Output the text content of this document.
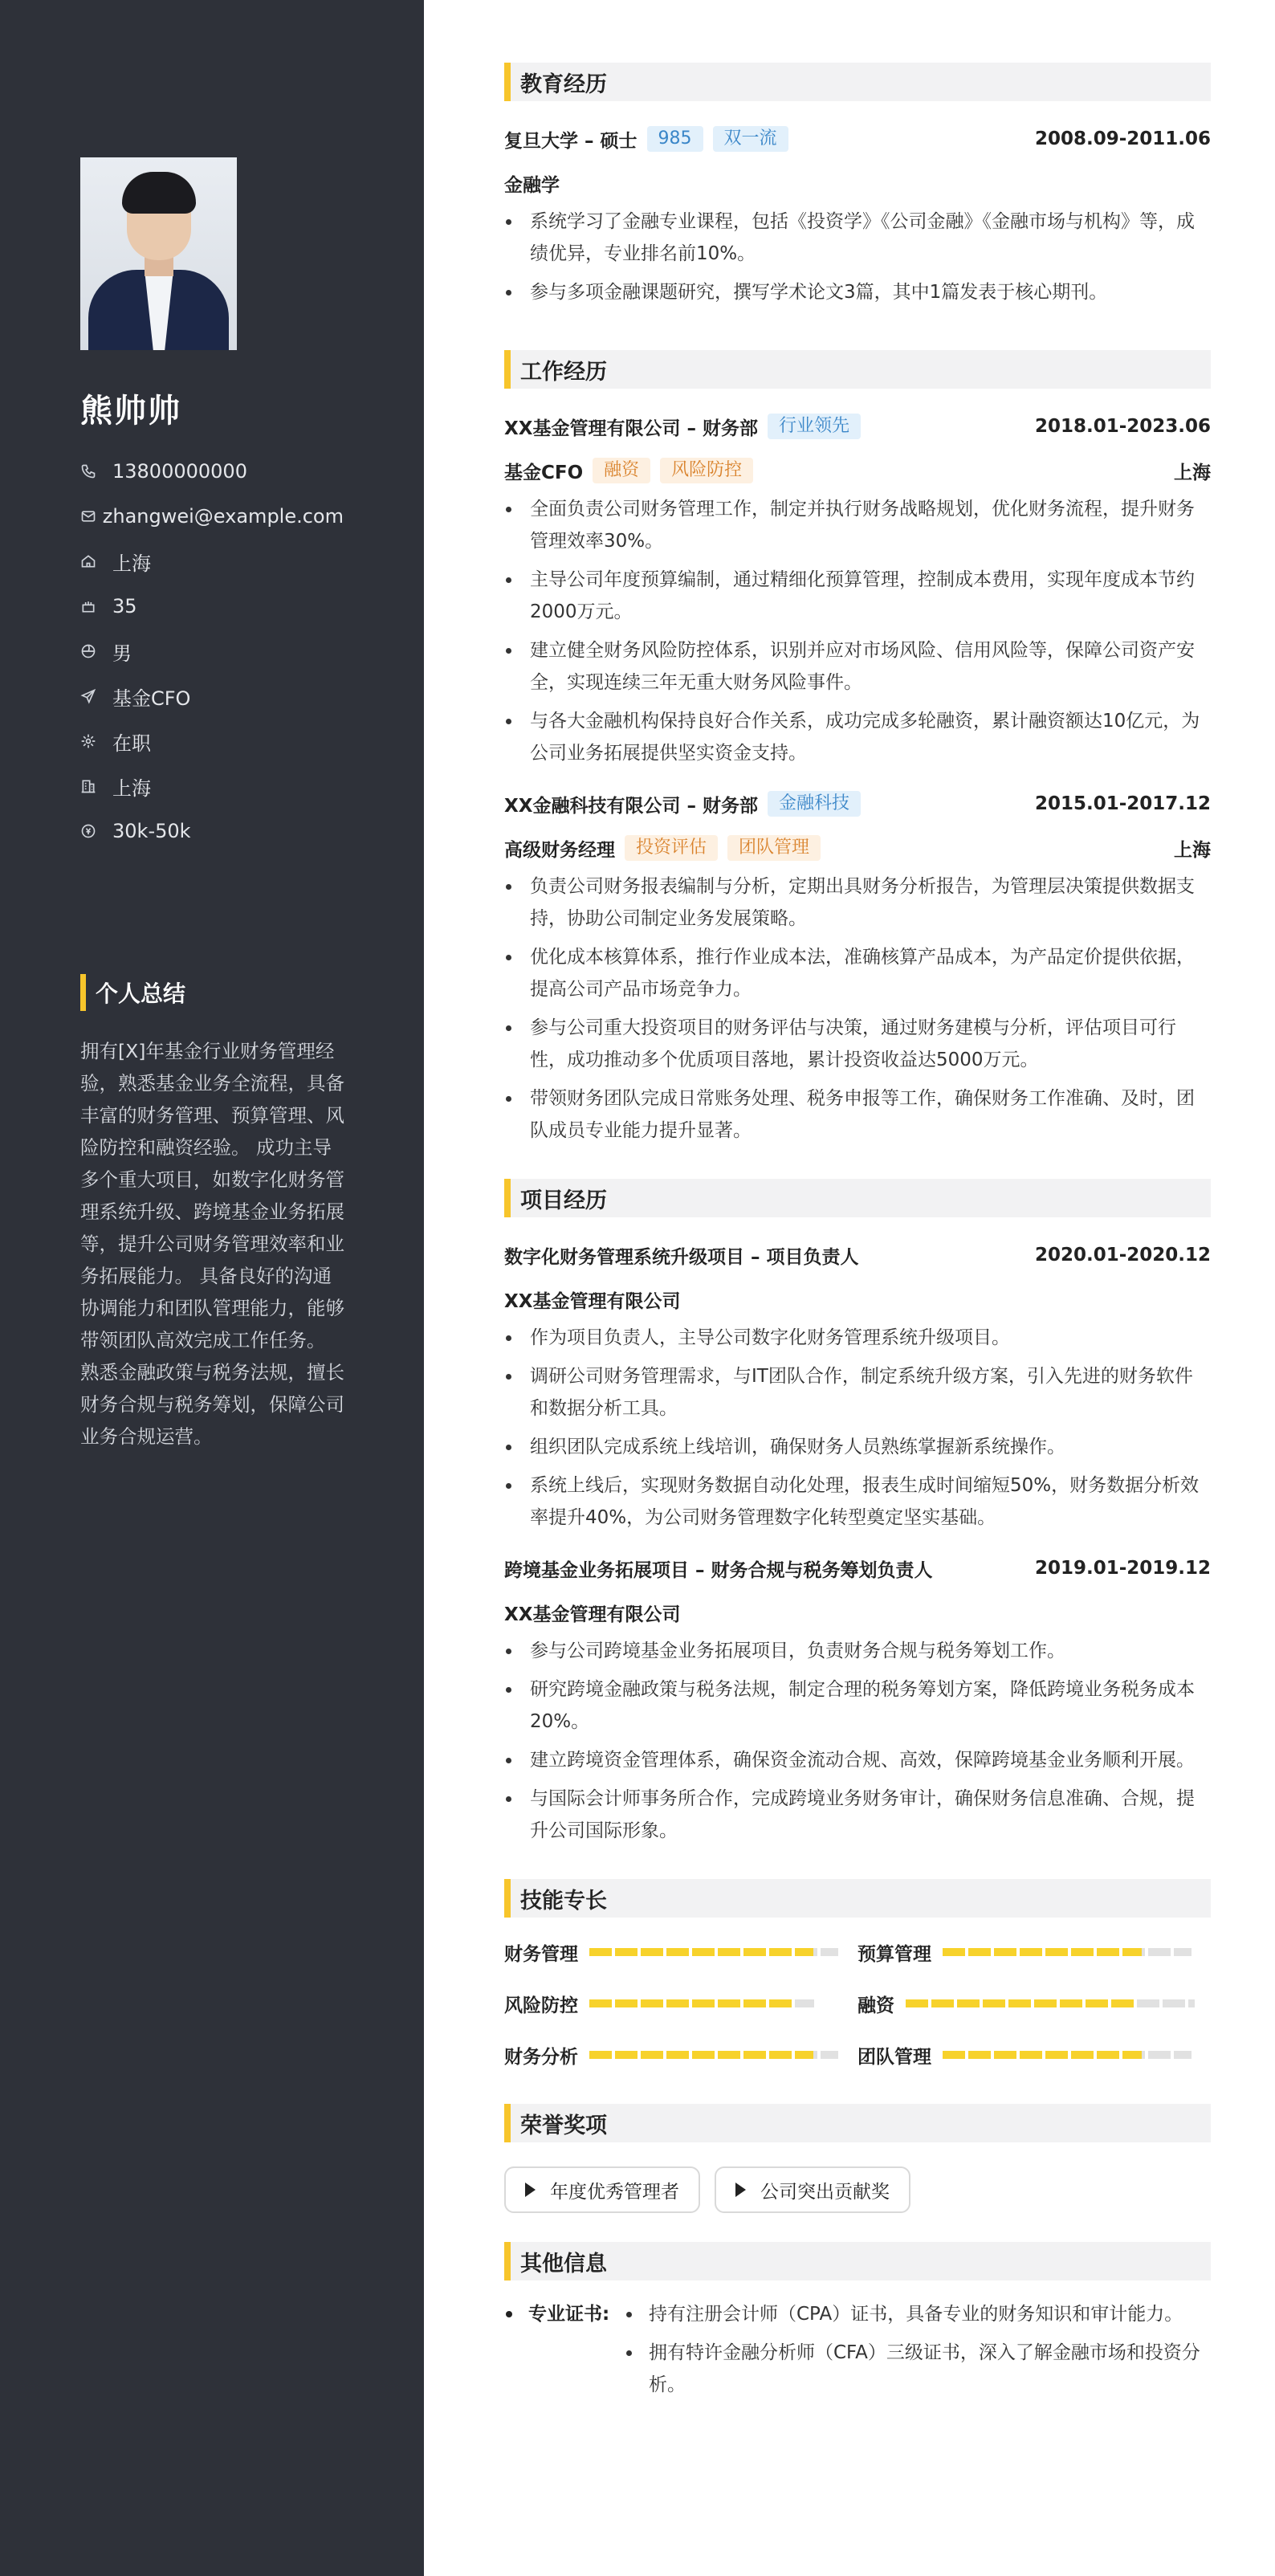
熊帅帅
13800000000
zhangwei@example.com
上海
35
男
基金CFO
在职
上海
30k-50k
个人总结
拥有[X]年基金行业财务管理经验，熟悉基金业务全流程，具备丰富的财务管理、预算管理、风险防控和融资经验。 成功主导多个重大项目，如数字化财务管理系统升级、跨境基金业务拓展等，提升公司财务管理效率和业务拓展能力。 具备良好的沟通协调能力和团队管理能力，能够带领团队高效完成工作任务。 熟悉金融政策与税务法规，擅长财务合规与税务筹划，保障公司业务合规运营。
教育经历
复旦大学 – 硕士	985	双一流	2008.09-2011.06
金融学
系统学习了金融专业课程，包括《投资学》《公司金融》《金融市场与机构》等，成绩优异，专业排名前10%。
参与多项金融课题研究，撰写学术论文3篇，其中1篇发表于核心期刊。
工作经历
XX基金管理有限公司 – 财务部	行业领先	2018.01-2023.06
基金CFO	融资	风险防控	上海
全面负责公司财务管理工作，制定并执行财务战略规划，优化财务流程，提升财务管理效率30%。
主导公司年度预算编制，通过精细化预算管理，控制成本费用，实现年度成本节约2000万元。
建立健全财务风险防控体系，识别并应对市场风险、信用风险等，保障公司资产安全，实现连续三年无重大财务风险事件。
与各大金融机构保持良好合作关系，成功完成多轮融资，累计融资额达10亿元，为公司业务拓展提供坚实资金支持。
XX金融科技有限公司 – 财务部	金融科技	2015.01-2017.12
高级财务经理	投资评估	团队管理	上海
负责公司财务报表编制与分析，定期出具财务分析报告，为管理层决策提供数据支持，协助公司制定业务发展策略。
优化成本核算体系，推行作业成本法，准确核算产品成本，为产品定价提供依据，提高公司产品市场竞争力。
参与公司重大投资项目的财务评估与决策，通过财务建模与分析，评估项目可行性，成功推动多个优质项目落地，累计投资收益达5000万元。
带领财务团队完成日常账务处理、税务申报等工作，确保财务工作准确、及时，团队成员专业能力提升显著。
项目经历
数字化财务管理系统升级项目 – 项目负责人	2020.01-2020.12
XX基金管理有限公司
作为项目负责人，主导公司数字化财务管理系统升级项目。
调研公司财务管理需求，与IT团队合作，制定系统升级方案，引入先进的财务软件和数据分析工具。
组织团队完成系统上线培训，确保财务人员熟练掌握新系统操作。
系统上线后，实现财务数据自动化处理，报表生成时间缩短50%，财务数据分析效率提升40%，为公司财务管理数字化转型奠定坚实基础。
跨境基金业务拓展项目 – 财务合规与税务筹划负责人	2019.01-2019.12
XX基金管理有限公司
参与公司跨境基金业务拓展项目，负责财务合规与税务筹划工作。
研究跨境金融政策与税务法规，制定合理的税务筹划方案，降低跨境业务税务成本20%。
建立跨境资金管理体系，确保资金流动合规、高效，保障跨境基金业务顺利开展。
与国际会计师事务所合作，完成跨境业务财务审计，确保财务信息准确、合规，提升公司国际形象。
技能专长
财务管理	预算管理
风险防控	融资
财务分析	团队管理
荣誉奖项
年度优秀管理者	公司突出贡献奖
其他信息
专业证书:	持有注册会计师（CPA）证书，具备专业的财务知识和审计能力。
拥有特许金融分析师（CFA）三级证书，深入了解金融市场和投资分析。
